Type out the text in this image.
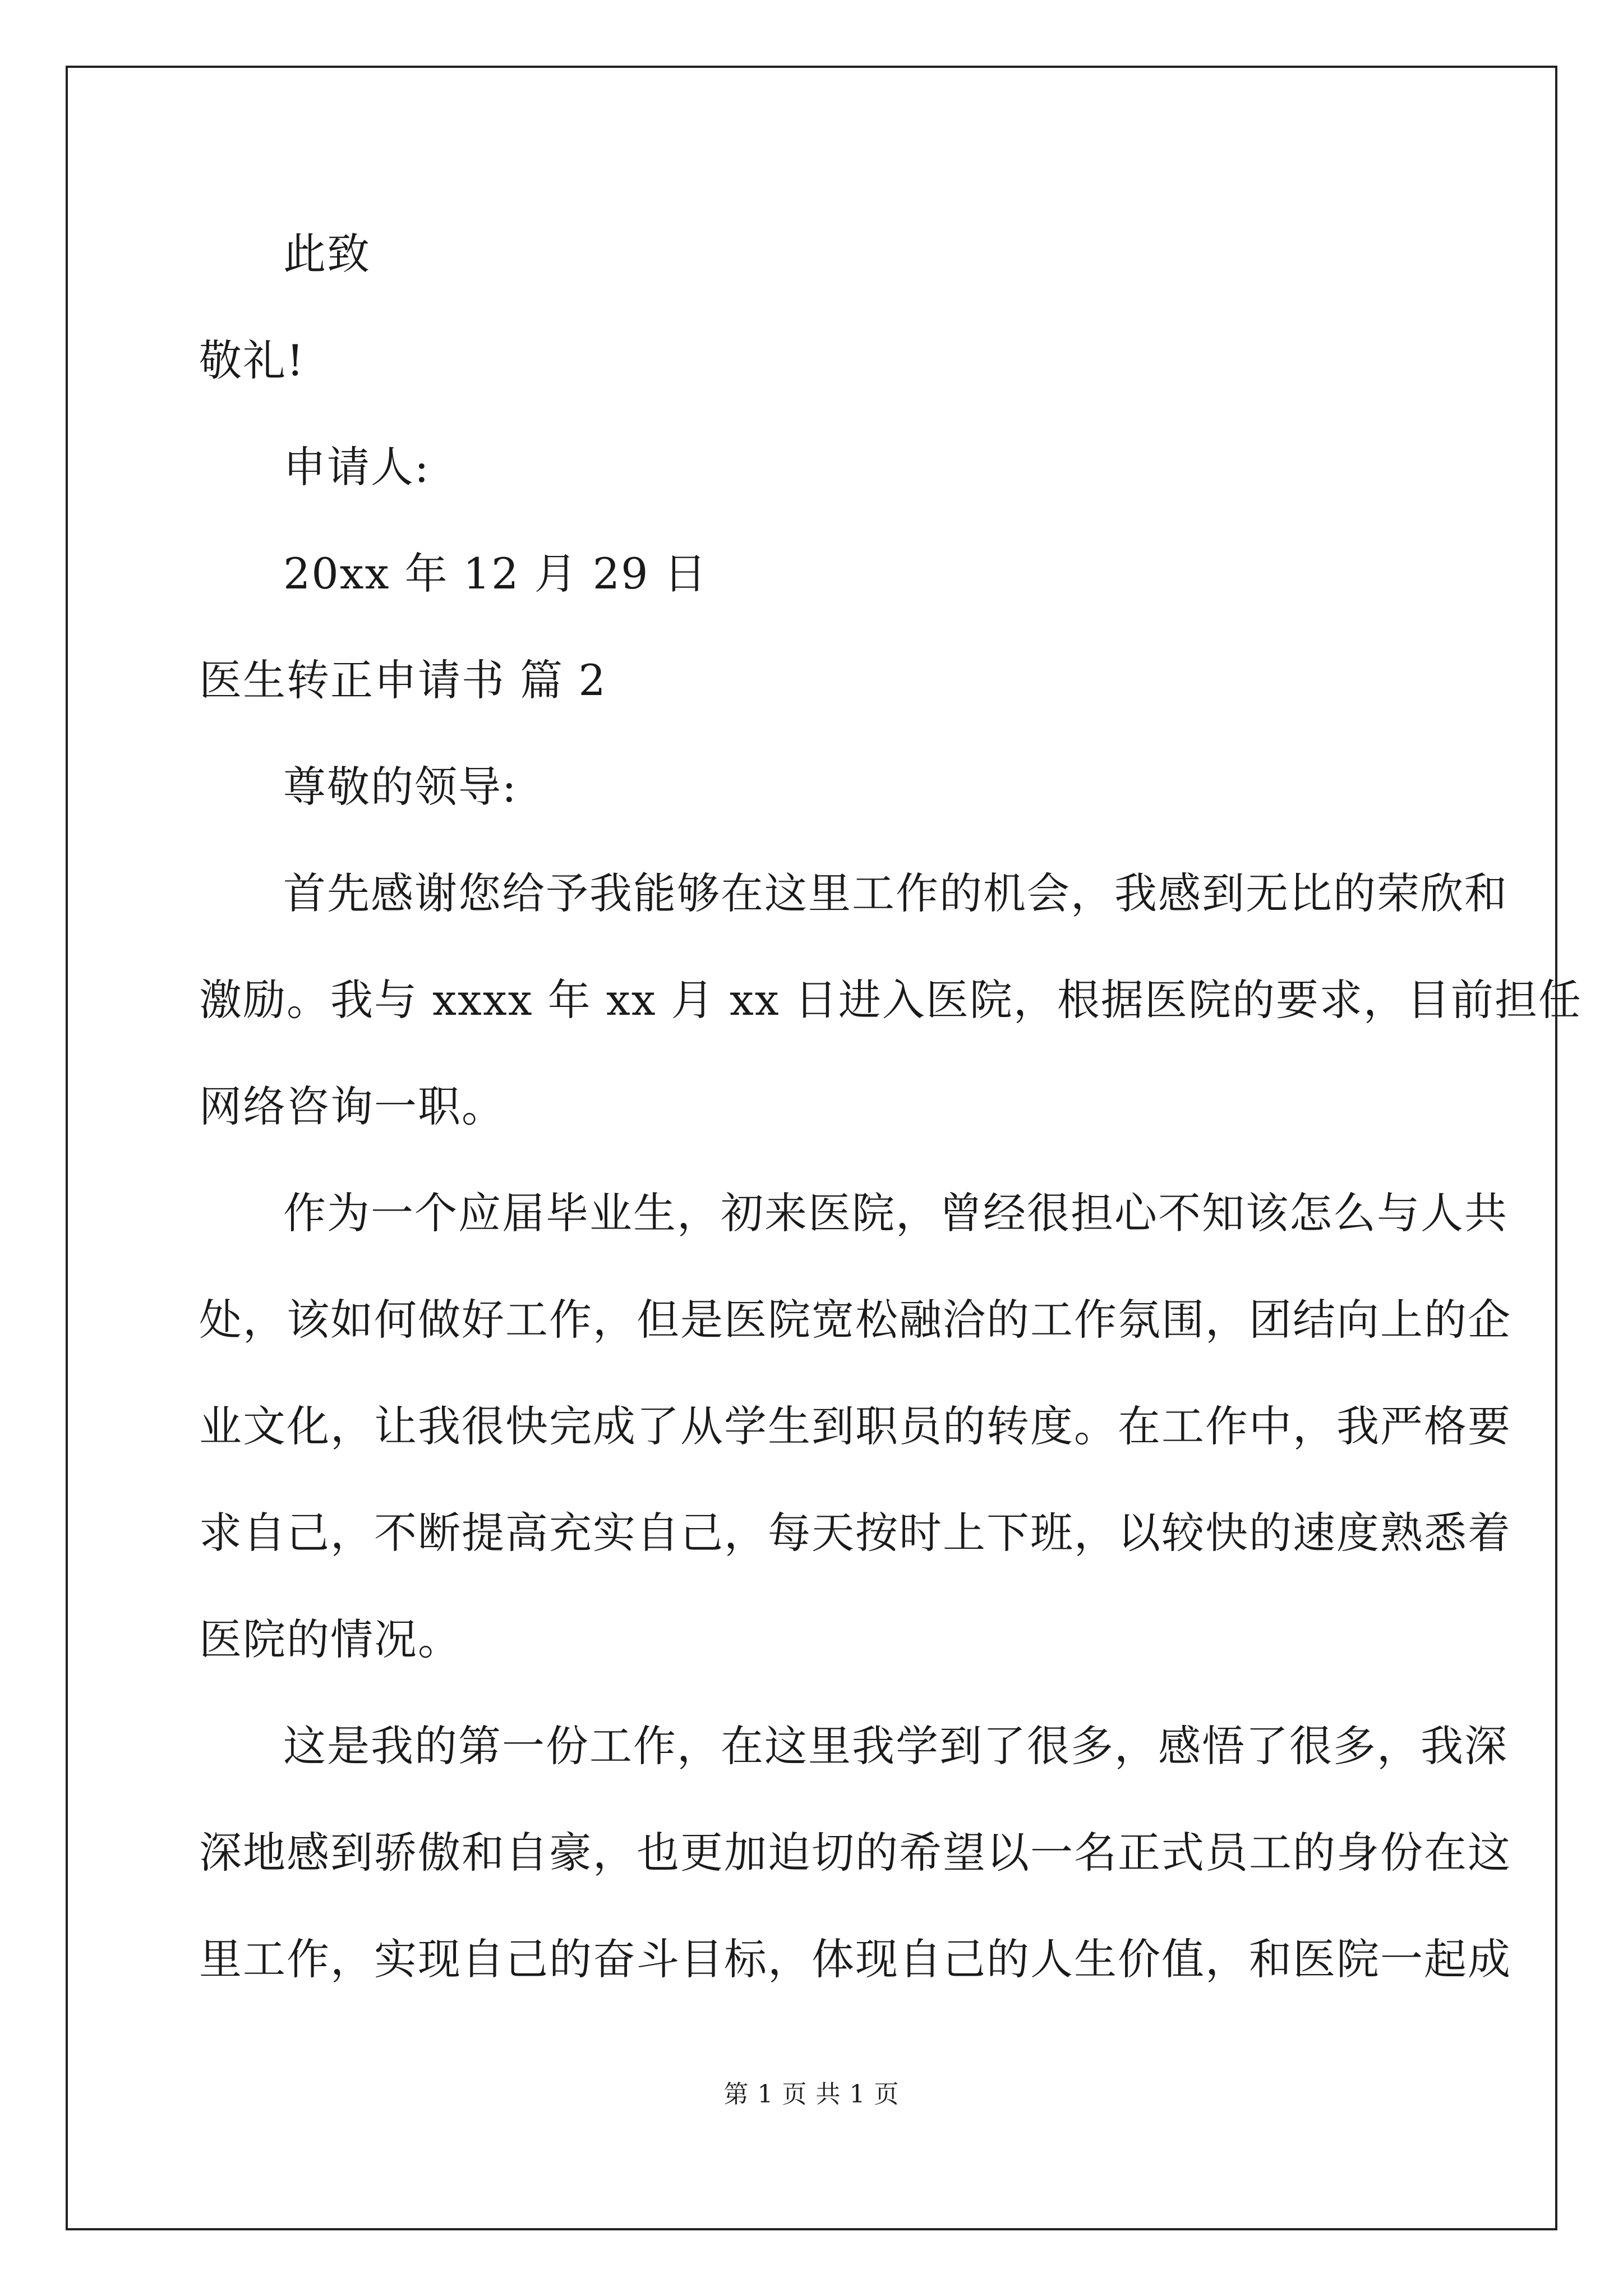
此致
敬礼!
申请人:
20xx 年 12 月 29 日
医生转正申请书 篇 2
尊敬的领导:
首先感谢您给予我能够在这里工作的机会，我感到无比的荣欣和
激励。我与 xxxx 年 xx 月 xx 日进入医院，根据医院的要求，目前担任
网络咨询一职。
作为一个应届毕业生，初来医院，曾经很担心不知该怎么与人共
处，该如何做好工作，但是医院宽松融洽的工作氛围，团结向上的企
业文化，让我很快完成了从学生到职员的转度。在工作中，我严格要
求自己，不断提高充实自己，每天按时上下班，以较快的速度熟悉着
医院的情况。
这是我的第一份工作，在这里我学到了很多，感悟了很多，我深
深地感到骄傲和自豪，也更加迫切的希望以一名正式员工的身份在这
里工作，实现自己的奋斗目标，体现自己的人生价值，和医院一起成
第 1 页 共 1 页
